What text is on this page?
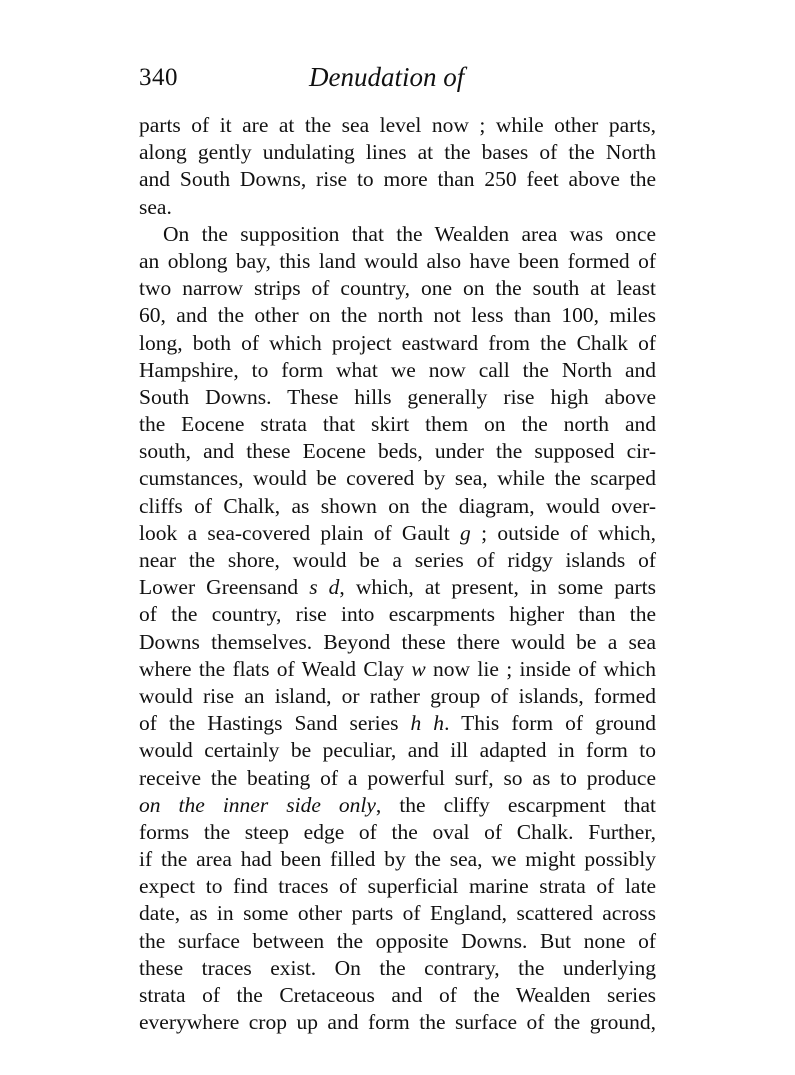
340	Denudation of
parts of it are at the sea level now ; while other parts,
along gently undulating lines at the bases of the North
and South Downs, rise to more than 250 feet above the
sea.
On the supposition that the Wealden area was once
an oblong bay, this land would also have been formed of
two narrow strips of country, one on the south at least
60, and the other on the north not less than 100, miles
long, both of which project eastward from the Chalk of
Hampshire, to form what we now call the North and
South Downs. These hills generally rise high above
the Eocene strata that skirt them on the north and
south, and these Eocene beds, under the supposed cir-
cumstances, would be covered by sea, while the scarped
cliffs of Chalk, as shown on the diagram, would over-
look a sea-covered plain of Gault g ; outside of which,
near the shore, would be a series of ridgy islands of
Lower Greensand s d, which, at present, in some parts
of the country, rise into escarpments higher than the
Downs themselves. Beyond these there would be a sea
where the flats of Weald Clay w now lie ; inside of which
would rise an island, or rather group of islands, formed
of the Hastings Sand series h h. This form of ground
would certainly be peculiar, and ill adapted in form to
receive the beating of a powerful surf, so as to produce
on the inner side only, the cliffy escarpment that
forms the steep edge of the oval of Chalk. Further,
if the area had been filled by the sea, we might possibly
expect to find traces of superficial marine strata of late
date, as in some other parts of England, scattered across
the surface between the opposite Downs. But none of
these traces exist. On the contrary, the underlying
strata of the Cretaceous and of the Wealden series
everywhere crop up and form the surface of the ground,
